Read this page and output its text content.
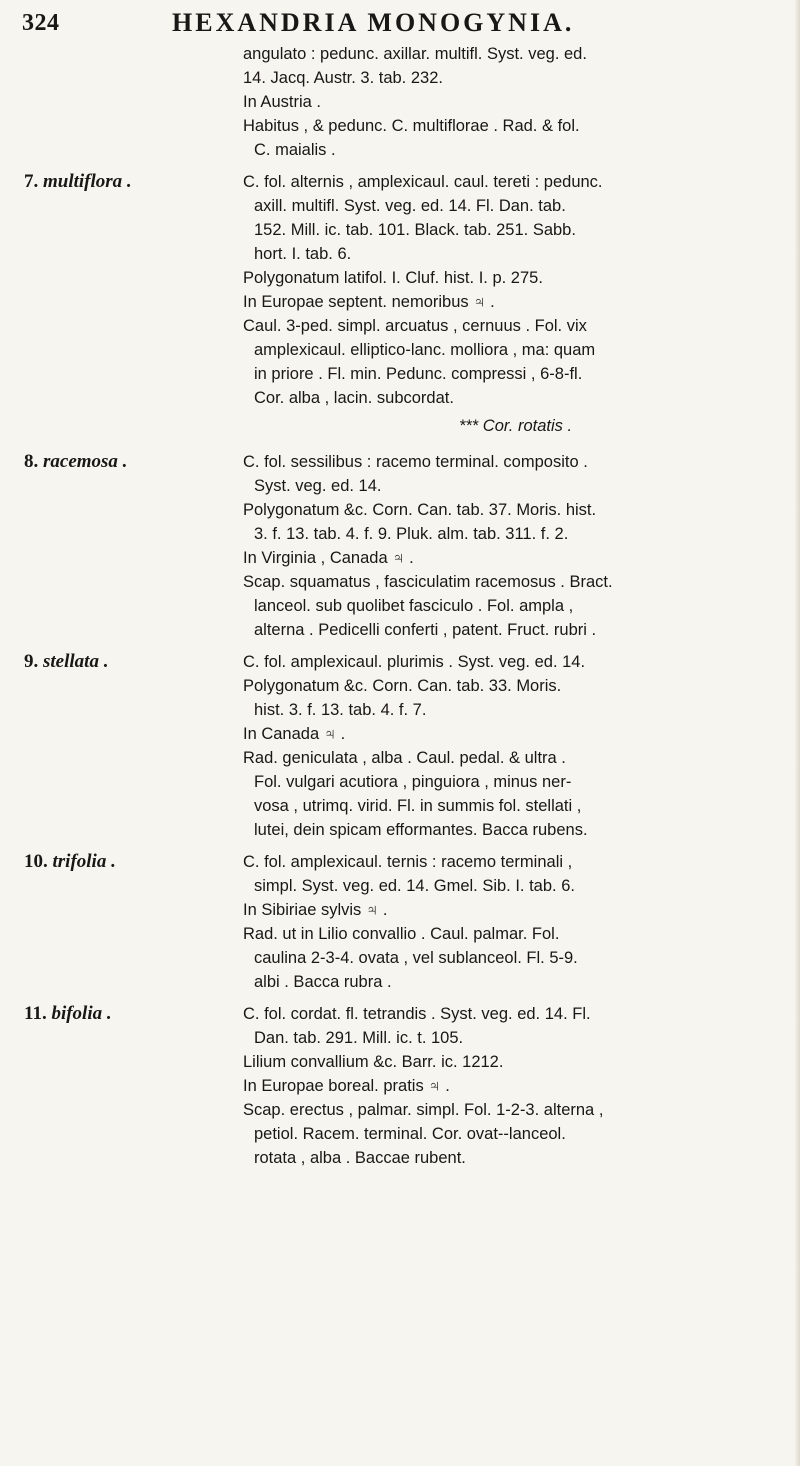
324	HEXANDRIA MONOGYNIA.
angulato : pedunc. axillar. multifl. Syst. veg. ed.
14. Jacq. Austr. 3. tab. 232.
In Austria .
Habitus , & pedunc. C. multiflorae . Rad. & fol.
C. maialis .
7. multiflora .	C. fol. alternis , amplexicaul. caul. tereti : pedunc.
axill. multifl. Syst. veg. ed. 14. Fl. Dan. tab.
152. Mill. ic. tab. 101. Black. tab. 251. Sabb.
hort. I. tab. 6.
Polygonatum latifol. I. Cluf. hist. I. p. 275.
In Europae septent. nemoribus ♃ .
Caul. 3-ped. simpl. arcuatus , cernuus . Fol. vix
amplexicaul. elliptico-lanc. molliora , ma: quam
in priore . Fl. min. Pedunc. compressi , 6-8-fl.
Cor. alba , lacin. subcordat.
*** Cor. rotatis .
8. racemosa .	C. fol. sessilibus : racemo terminal. composito .
Syst. veg. ed. 14.
Polygonatum &c. Corn. Can. tab. 37. Moris. hist.
3. f. 13. tab. 4. f. 9. Pluk. alm. tab. 311. f. 2.
In Virginia , Canada ♃ .
Scap. squamatus , fasciculatim racemosus . Bract.
lanceol. sub quolibet fasciculo . Fol. ampla ,
alterna . Pedicelli conferti , patent. Fruct. rubri .
9. stellata .	C. fol. amplexicaul. plurimis . Syst. veg. ed. 14.
Polygonatum &c. Corn. Can. tab. 33. Moris.
hist. 3. f. 13. tab. 4. f. 7.
In Canada ♃ .
Rad. geniculata , alba . Caul. pedal. & ultra .
Fol. vulgari acutiora , pinguiora , minus ner-
vosa , utrimq. virid. Fl. in summis fol. stellati ,
lutei, dein spicam efformantes. Bacca rubens.
10. trifolia .	C. fol. amplexicaul. ternis : racemo terminali ,
simpl. Syst. veg. ed. 14. Gmel. Sib. I. tab. 6.
In Sibiriae sylvis ♃ .
Rad. ut in Lilio convallio . Caul. palmar. Fol.
caulina 2-3-4. ovata , vel sublanceol. Fl. 5-9.
albi . Bacca rubra .
11. bifolia .	C. fol. cordat. fl. tetrandis . Syst. veg. ed. 14. Fl.
Dan. tab. 291. Mill. ic. t. 105.
Lilium convallium &c. Barr. ic. 1212.
In Europae boreal. pratis ♃ .
Scap. erectus , palmar. simpl. Fol. 1-2-3. alterna ,
petiol. Racem. terminal. Cor. ovat--lanceol.
rotata , alba . Baccae rubent.
